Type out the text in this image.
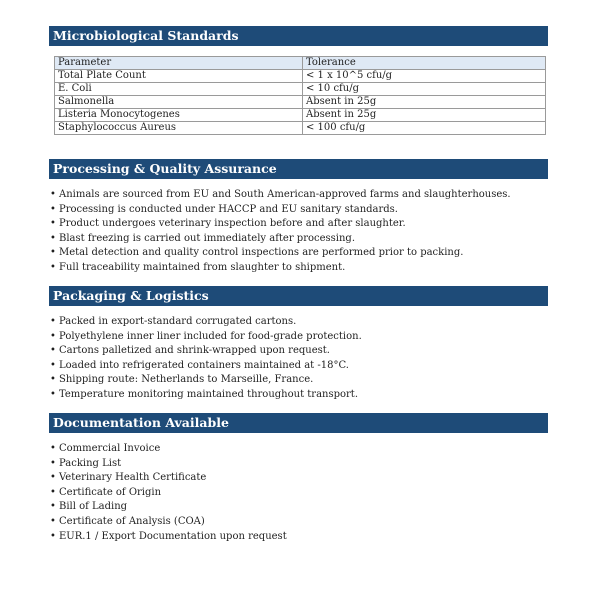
Microbiological Standards
Parameter	Tolerance
Total Plate Count	< 1 x 10^5 cfu/g
E. Coli	< 10 cfu/g
Salmonella	Absent in 25g
Listeria Monocytogenes	Absent in 25g
Staphylococcus Aureus	< 100 cfu/g
Processing & Quality Assurance
• Animals are sourced from EU and South American-approved farms and slaughterhouses.
• Processing is conducted under HACCP and EU sanitary standards.
• Product undergoes veterinary inspection before and after slaughter.
• Blast freezing is carried out immediately after processing.
• Metal detection and quality control inspections are performed prior to packing.
• Full traceability maintained from slaughter to shipment.
Packaging & Logistics
• Packed in export-standard corrugated cartons.
• Polyethylene inner liner included for food-grade protection.
• Cartons palletized and shrink-wrapped upon request.
• Loaded into refrigerated containers maintained at -18°C.
• Shipping route: Netherlands to Marseille, France.
• Temperature monitoring maintained throughout transport.
Documentation Available
• Commercial Invoice
• Packing List
• Veterinary Health Certificate
• Certificate of Origin
• Bill of Lading
• Certificate of Analysis (COA)
• EUR.1 / Export Documentation upon request
